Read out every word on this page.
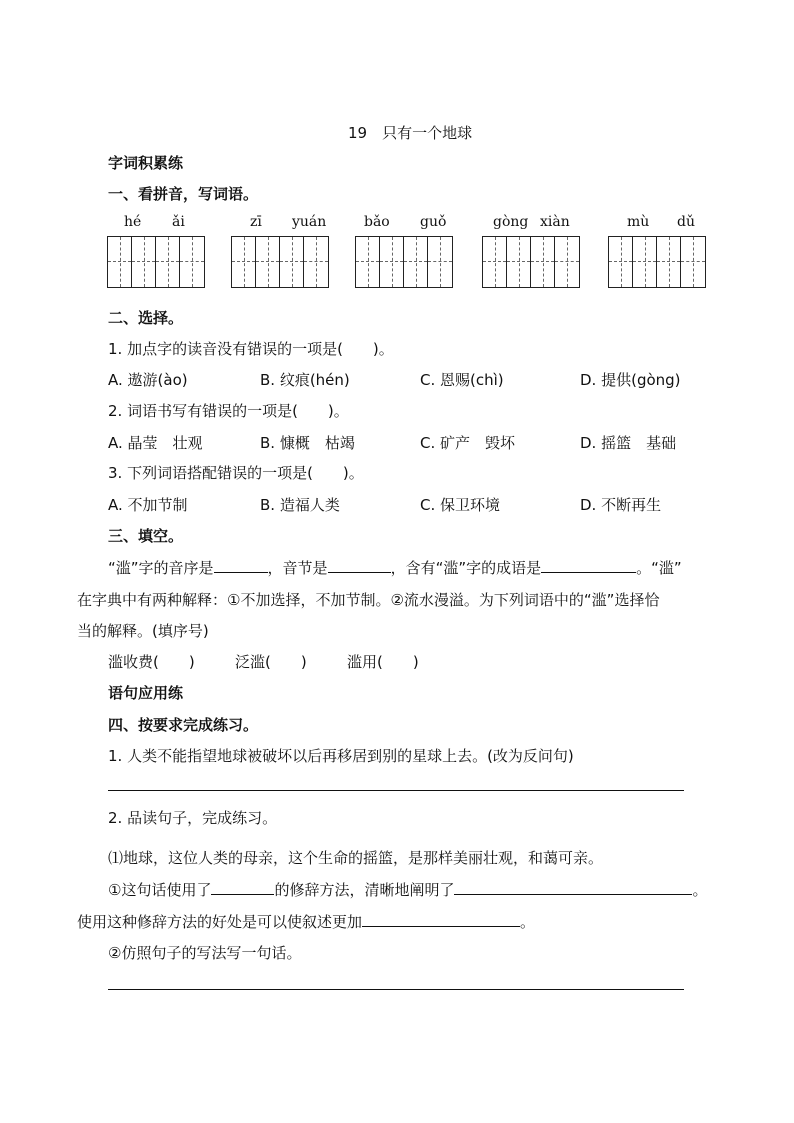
19　只有一个地球
字词积累练
一、看拼音，写词语。
hé ǎi	zī yuán	bǎo guǒ	gòng xiàn	mù dǔ
二、选择。
1. 加点字的读音没有错误的一项是(　　)。
A. 遨游(ào)	B. 纹痕(hén)	C. 恩赐(chì)	D. 提供(gòng)
2. 词语书写有错误的一项是(　　)。
A. 晶莹　壮观	B. 慷概　枯竭	C. 矿产　毁坏	D. 摇篮　基础
3. 下列词语搭配错误的一项是(　　)。
A. 不加节制	B. 造福人类	C. 保卫环境	D. 不断再生
三、填空。
“滥”字的音序是	，音节是	，含有“滥”字的成语是	。“滥”
在字典中有两种解释：①不加选择，不加节制。②流水漫溢。为下列词语中的“滥”选择恰
当的解释。(填序号)
滥收费(　　)	泛滥(　　)	滥用(　　)
语句应用练
四、按要求完成练习。
1. 人类不能指望地球被破坏以后再移居到别的星球上去。(改为反问句)
2. 品读句子，完成练习。
⑴地球，这位人类的母亲，这个生命的摇篮，是那样美丽壮观，和蔼可亲。
①这句话使用了	的修辞方法，清晰地阐明了	。
使用这种修辞方法的好处是可以使叙述更加	。
②仿照句子的写法写一句话。
